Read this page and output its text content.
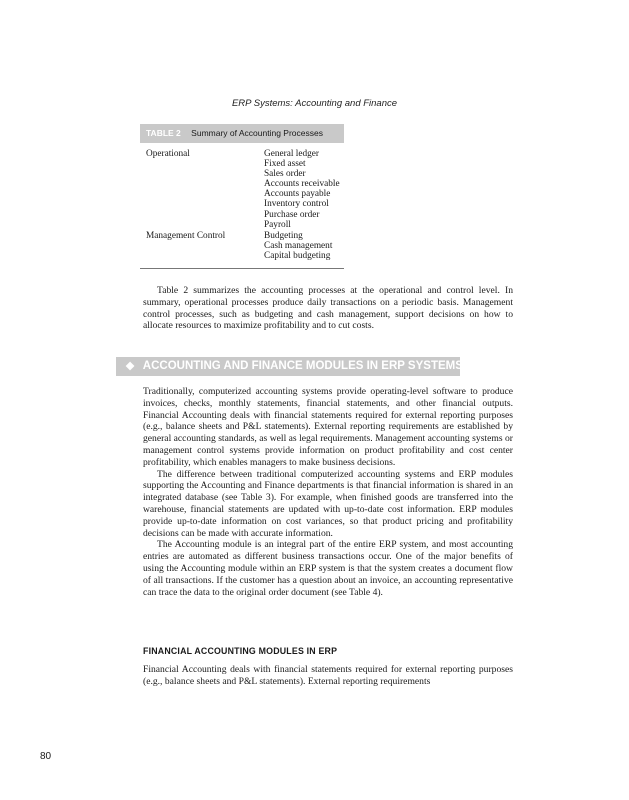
ERP Systems: Accounting and Finance
TABLE 2 Summary of Accounting Processes
Operational	General ledger
Fixed asset
Sales order
Accounts receivable
Accounts payable
Inventory control
Purchase order
Payroll
Management Control	Budgeting
Cash management
Capital budgeting

Table 2 summarizes the accounting processes at the operational and control level. In summary, operational processes produce daily transactions on a periodic basis. Management control processes, such as budgeting and cash management, support decisions on how to allocate resources to maximize profitability and to cut costs.

◆ ACCOUNTING AND FINANCE MODULES IN ERP SYSTEMS

Traditionally, computerized accounting systems provide operating-level software to produce invoices, checks, monthly statements, financial statements, and other financial outputs. Financial Accounting deals with financial statements required for external reporting purposes (e.g., balance sheets and P&L statements). External reporting requirements are established by general accounting standards, as well as legal requirements. Management accounting systems or management control systems provide information on product profitability and cost center profitability, which enables managers to make business decisions.

The difference between traditional computerized accounting systems and ERP modules supporting the Accounting and Finance departments is that financial information is shared in an integrated database (see Table 3). For example, when finished goods are transferred into the warehouse, financial statements are updated with up-to-date cost information. ERP modules provide up-to-date information on cost variances, so that product pricing and profitability decisions can be made with accurate information.

The Accounting module is an integral part of the entire ERP system, and most accounting entries are automated as different business transactions occur. One of the major benefits of using the Accounting module within an ERP system is that the system creates a document flow of all transactions. If the customer has a question about an invoice, an accounting representative can trace the data to the original order document (see Table 4).

FINANCIAL ACCOUNTING MODULES IN ERP

Financial Accounting deals with financial statements required for external reporting purposes (e.g., balance sheets and P&L statements). External reporting requirements

80
